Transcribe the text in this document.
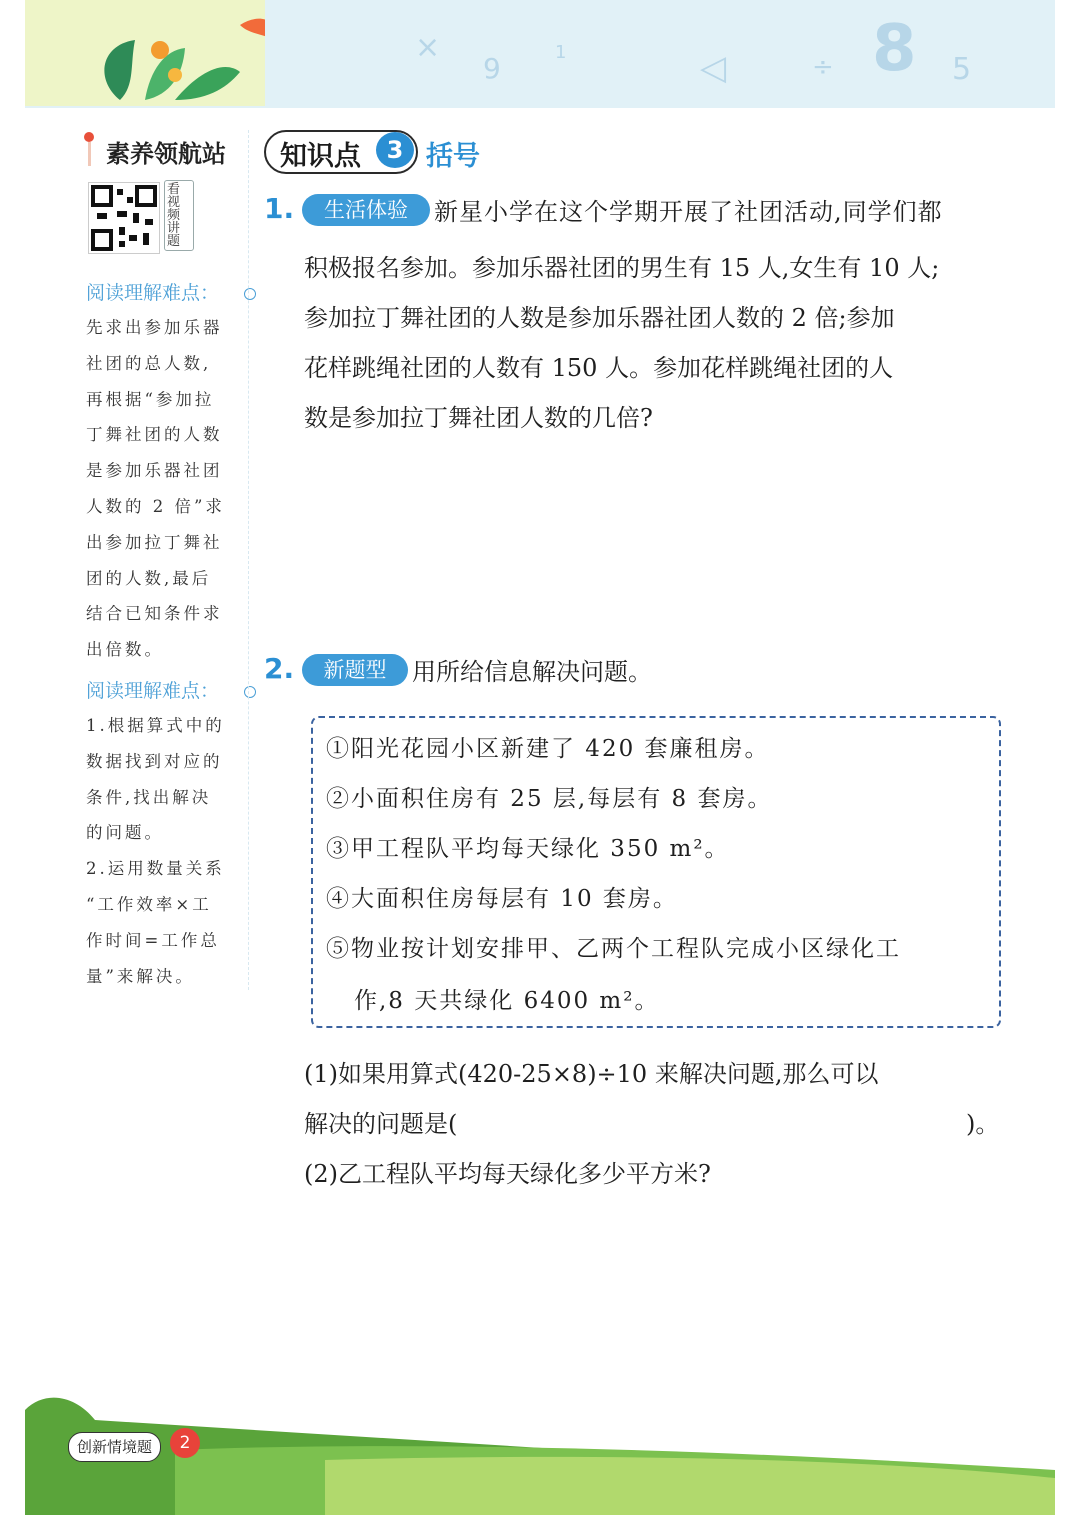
×
9	1	◁	÷ 8 5
素养领航站
看视频讲题
阅读理解难点：
先求出参加乐器
社团的总人数,
再根据“参加拉
丁舞社团的人数
是参加乐器社团
人数的 2 倍”求
出参加拉丁舞社
团的人数,最后
结合已知条件求
出倍数。
阅读理解难点：
1.根据算式中的
数据找到对应的
条件,找出解决
的问题。
2.运用数量关系
“工作效率×工
作时间=工作总
量”来解决。
知识点	3 括号
1.	生活体验	新星小学在这个学期开展了社团活动,同学们都
积极报名参加。参加乐器社团的男生有 15 人,女生有 10 人;
参加拉丁舞社团的人数是参加乐器社团人数的 2 倍;参加
花样跳绳社团的人数有 150 人。参加花样跳绳社团的人
数是参加拉丁舞社团人数的几倍?
2.	新题型	用所给信息解决问题。
①阳光花园小区新建了 420 套廉租房。
②小面积住房有 25 层,每层有 8 套房。
③甲工程队平均每天绿化 350 m²。
④大面积住房每层有 10 套房。
⑤物业按计划安排甲、乙两个工程队完成小区绿化工
作,8 天共绿化 6400 m²。
(1)如果用算式(420-25×8)÷10 来解决问题,那么可以
解决的问题是(	)。
(2)乙工程队平均每天绿化多少平方米?
创新情境题	2
